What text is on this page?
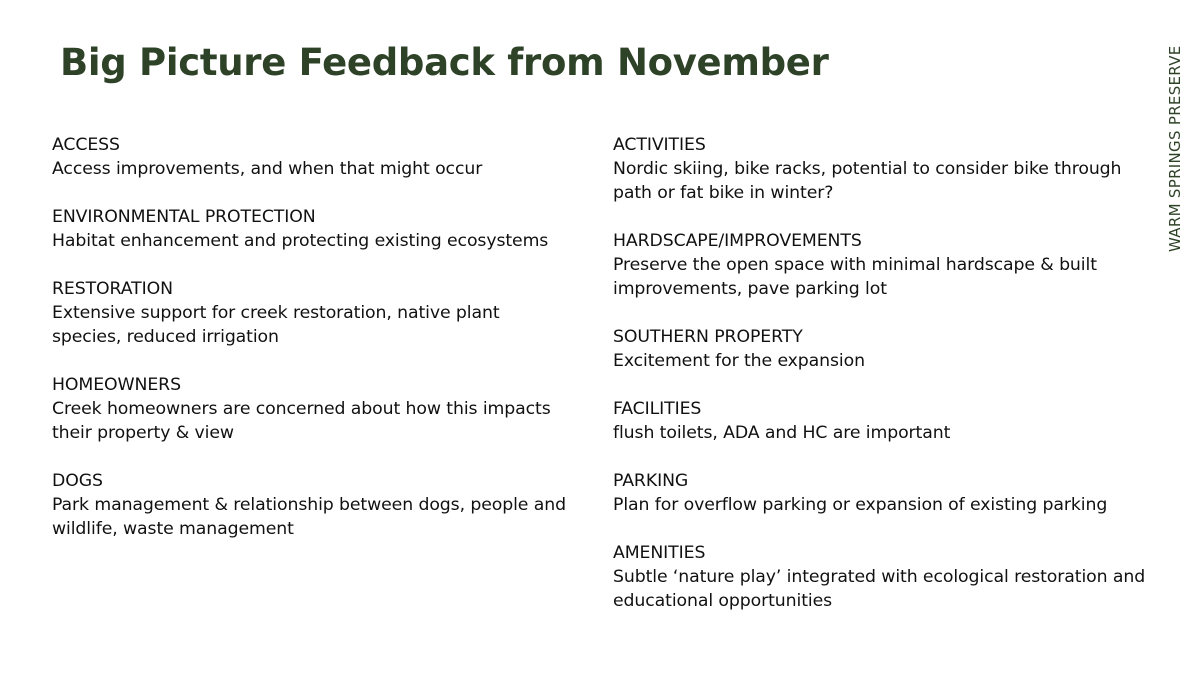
Big Picture Feedback from November	WARM SPRINGS PRESERVE
ACCESS
Access improvements, and when that might occur
ENVIRONMENTAL PROTECTION
Habitat enhancement and protecting existing ecosystems
RESTORATION
Extensive support for creek restoration, native plant species, reduced irrigation
HOMEOWNERS
Creek homeowners are concerned about how this impacts their property & view
DOGS
Park management & relationship between dogs, people and wildlife, waste management
ACTIVITIES
Nordic skiing, bike racks, potential to consider bike through path or fat bike in winter?
HARDSCAPE/IMPROVEMENTS
Preserve the open space with minimal hardscape & built improvements, pave parking lot
SOUTHERN PROPERTY
Excitement for the expansion
FACILITIES
flush toilets, ADA and HC are important
PARKING
Plan for overflow parking or expansion of existing parking
AMENITIES
Subtle ‘nature play’ integrated with ecological restoration and educational opportunities
